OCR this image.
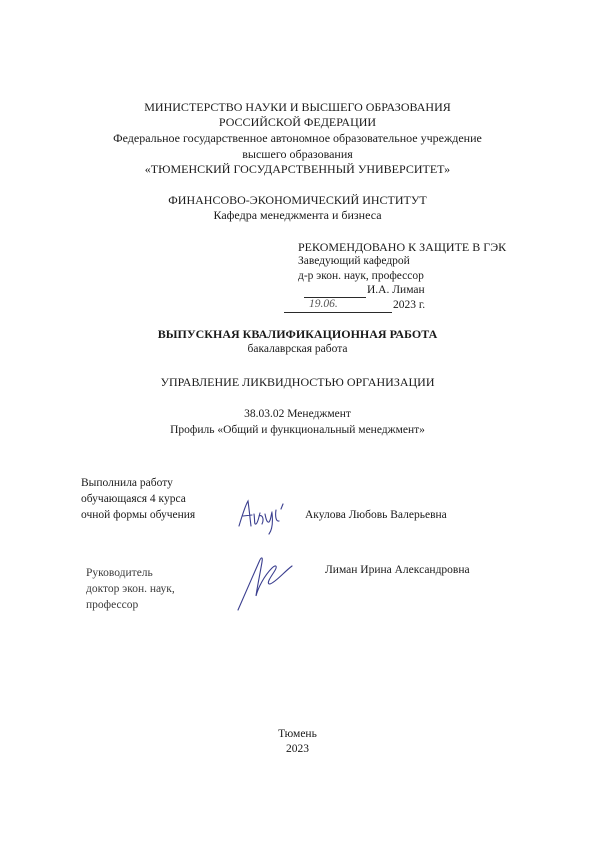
МИНИСТЕРСТВО НАУКИ И ВЫСШЕГО ОБРАЗОВАНИЯ
РОССИЙСКОЙ ФЕДЕРАЦИИ
Федеральное государственное автономное образовательное учреждение
высшего образования
«ТЮМЕНСКИЙ ГОСУДАРСТВЕННЫЙ УНИВЕРСИТЕТ»
ФИНАНСОВО-ЭКОНОМИЧЕСКИЙ ИНСТИТУТ
Кафедра менеджмента и бизнеса
РЕКОМЕНДОВАНО К ЗАЩИТЕ В ГЭК
Заведующий кафедрой
д-р экон. наук, профессор
И.А. Лиман
19.06.	2023 г.
ВЫПУСКНАЯ КВАЛИФИКАЦИОННАЯ РАБОТА
бакалаврская работа
УПРАВЛЕНИЕ ЛИКВИДНОСТЬЮ ОРГАНИЗАЦИИ
38.03.02 Менеджмент
Профиль «Общий и функциональный менеджмент»
Выполнила работу
обучающаяся 4 курса
очной формы обучения	Акулова Любовь Валерьевна
Руководитель
доктор экон. наук,
профессор
Лиман Ирина Александровна
Тюмень
2023
